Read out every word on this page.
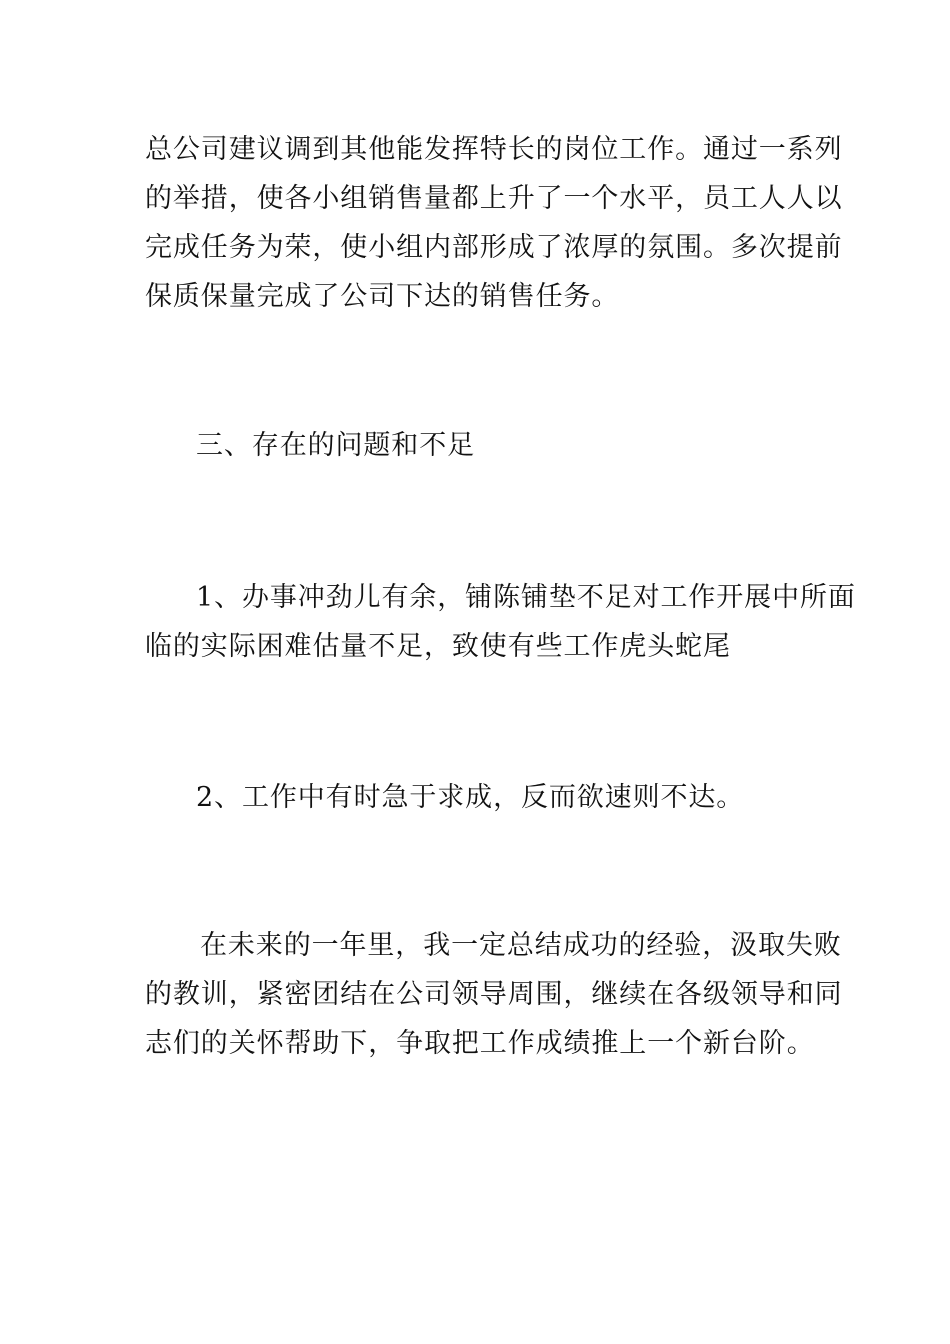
总公司建议调到其他能发挥特长的岗位工作。通过一系列
的举措，使各小组销售量都上升了一个水平，员工人人以
完成任务为荣，使小组内部形成了浓厚的氛围。多次提前
保质保量完成了公司下达的销售任务。
三、存在的问题和不足
1、办事冲劲儿有余，铺陈铺垫不足对工作开展中所面
临的实际困难估量不足，致使有些工作虎头蛇尾
2、工作中有时急于求成，反而欲速则不达。
在未来的一年里，我一定总结成功的经验，汲取失败
的教训，紧密团结在公司领导周围，继续在各级领导和同
志们的关怀帮助下，争取把工作成绩推上一个新台阶。
